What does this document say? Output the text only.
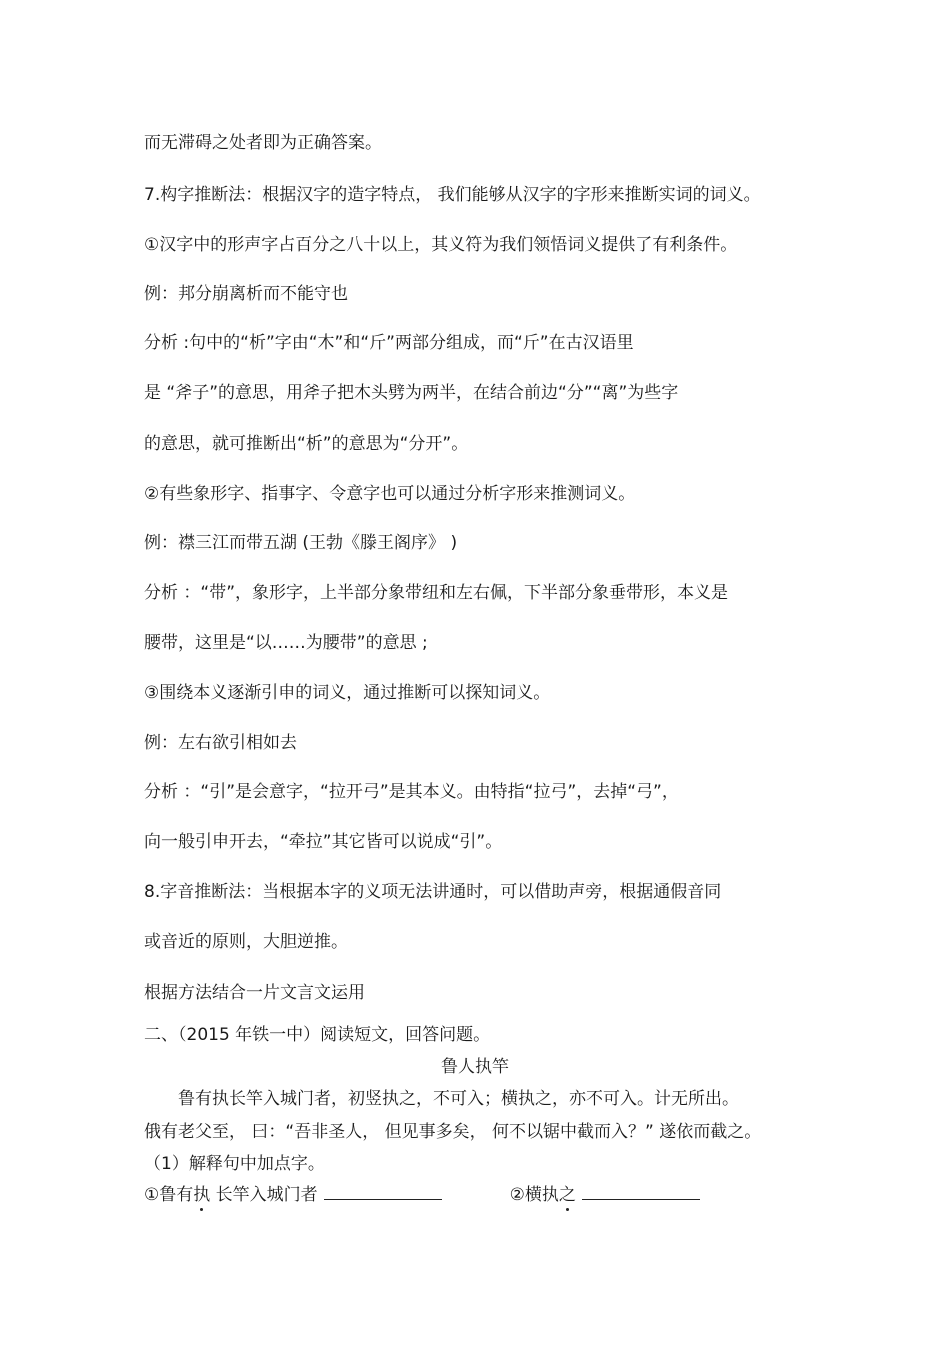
而无滞碍之处者即为正确答案。

7.构字推断法：根据汉字的造字特点， 我们能够从汉字的字形来推断实词的词义。

①汉字中的形声字占百分之八十以上，其义符为我们领悟词义提供了有利条件。

例：邦分崩离析而不能守也

分析 :句中的“析”字由“木”和“斤”两部分组成，而“斤”在古汉语里

是 “斧子”的意思，用斧子把木头劈为两半，在结合前边“分”“离”为些字

的意思，就可推断出“析”的意思为“分开”。

②有些象形字、指事字、令意字也可以通过分析字形来推测词义。

例：襟三江而带五湖 (王勃《滕王阁序》 )

分析 ：“带”，象形字，上半部分象带纽和左右佩，下半部分象垂带形，本义是

腰带，这里是“以……为腰带”的意思 ;

③围绕本义逐渐引申的词义，通过推断可以探知词义。

例：左右欲引相如去

分析 ：“引”是会意字，“拉开弓”是其本义。由特指“拉弓”，去掉“弓”，

向一般引申开去，“牵拉”其它皆可以说成“引”。

8.字音推断法：当根据本字的义项无法讲通时，可以借助声旁，根据通假音同

或音近的原则，大胆逆推。

根据方法结合一片文言文运用

二、（2015 年铁一中）阅读短文，回答问题。

鲁人执竿

鲁有执长竿入城门者，初竖执之，不可入；横执之，亦不可入。计无所出。

俄有老父至， 曰：“吾非圣人， 但见事多矣， 何不以锯中截而入？” 遂依而截之。

（1）解释句中加点字。

①鲁有执 长竿入城门者	②横执之
